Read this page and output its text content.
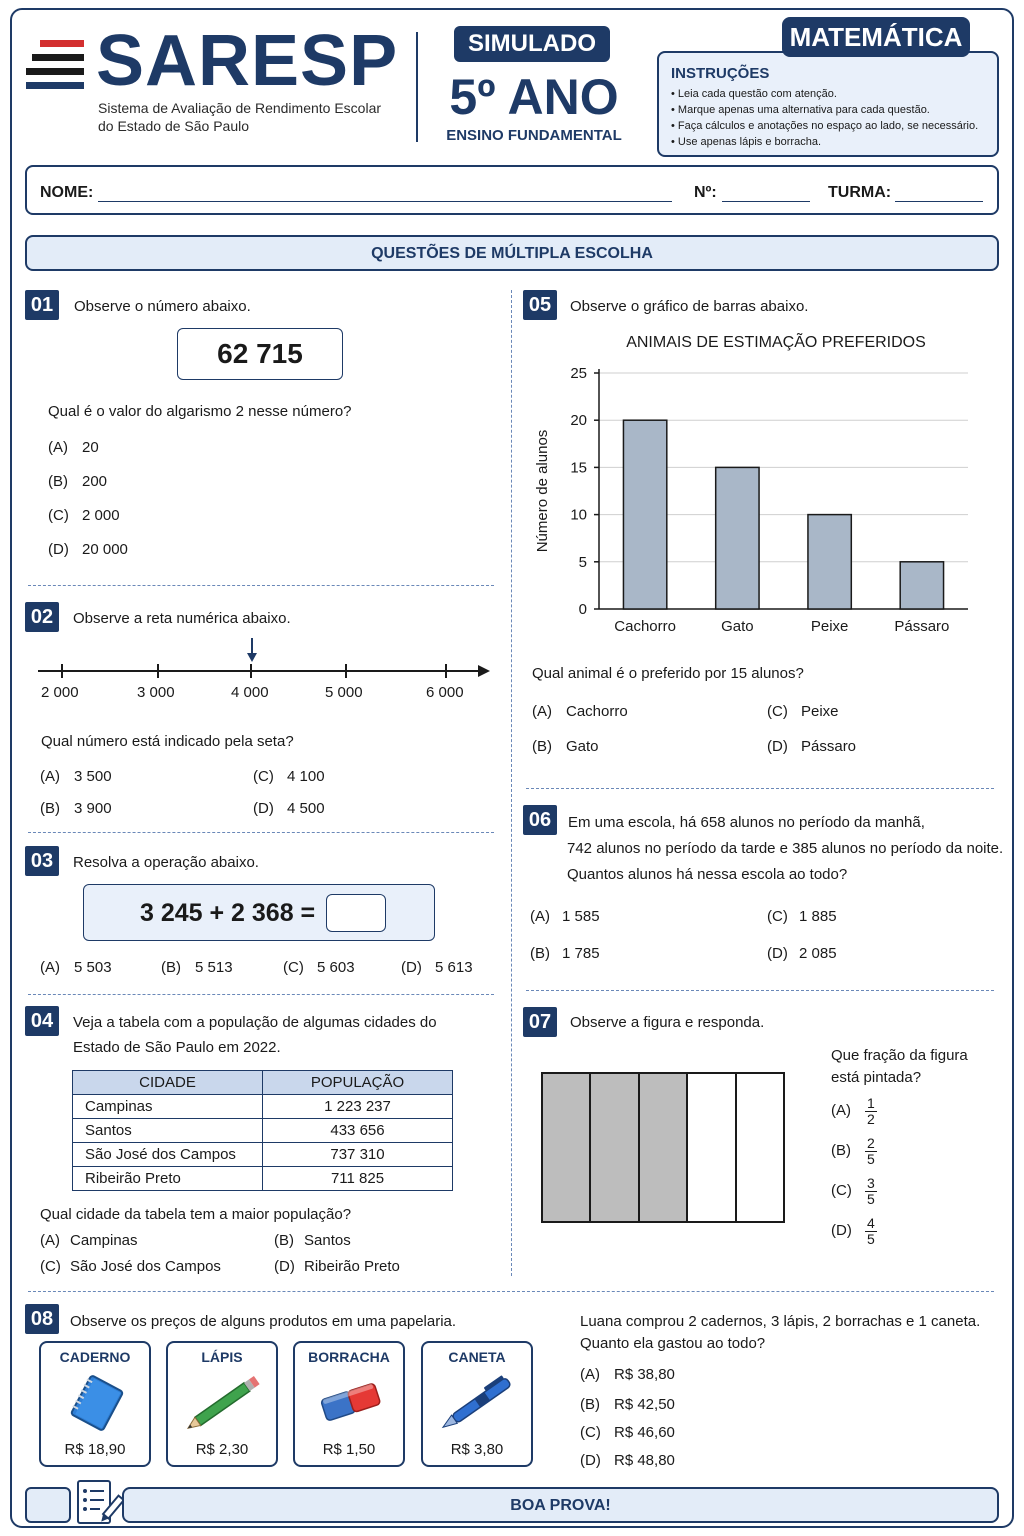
SARESP
Sistema de Avaliação de Rendimento Escolar
do Estado de São Paulo
SIMULADO
5º ANO
ENSINO FUNDAMENTAL
INSTRUÇÕES
• Leia cada questão com atenção.
• Marque apenas uma alternativa para cada questão.
• Faça cálculos e anotações no espaço ao lado, se necessário.
• Use apenas lápis e borracha.
MATEMÁTICA
NOME:	Nº:	TURMA:
QUESTÕES DE MÚLTIPLA ESCOLHA
01	Observe o número abaixo.
62 715
Qual é o valor do algarismo 2 nesse número?
(A) 20
(B) 200
(C) 2 000
(D) 20 000
02	Observe a reta numérica abaixo.
2 000	3 000	4 000	5 000	6 000
Qual número está indicado pela seta?
(A) 3 500
(B) 3 900
(C) 4 100
(D) 4 500
03	Resolva a operação abaixo.
3 245 + 2 368 =
(A) 5 503	(B) 5 513	(C) 5 603	(D) 5 613
04	Veja a tabela com a população de algumas cidades do
Estado de São Paulo em 2022.
CIDADE	POPULAÇÃO
Campinas	1 223 237
Santos	433 656
São José dos Campos	737 310
Ribeirão Preto	711 825
Qual cidade da tabela tem a maior população?
(A) Campinas	(B) Santos
(C) São José dos Campos	(D) Ribeirão Preto
05	Observe o gráfico de barras abaixo.
ANIMAIS DE ESTIMAÇÃO PREFERIDOS
0
5
10
15
20
25
Cachorro	Gato	Peixe	Pássaro
Número de alunos
Qual animal é o preferido por 15 alunos?
(A) Cachorro
(B) Gato
(C) Peixe
(D) Pássaro
06	Em uma escola, há 658 alunos no período da manhã,
742 alunos no período da tarde e 385 alunos no período da noite.
Quantos alunos há nessa escola ao todo?
(A) 1 585
(B) 1 785
(C) 1 885
(D) 2 085
07	Observe a figura e responda.
Que fração da figura
está pintada?
$(A) \frac{1}{2}$
$(B) \frac{2}{5}$
$(C) \frac{3}{5}$
$(D) \frac{4}{5}$
08	Observe os preços de alguns produtos em uma papelaria.
CADERNO
R$ 18,90
LÁPIS
R$ 2,30
BORRACHA
R$ 1,50
CANETA
R$ 3,80
Luana comprou 2 cadernos, 3 lápis, 2 borrachas e 1 caneta.
Quanto ela gastou ao todo?
(A) R$ 38,80
(B) R$ 42,50
(C) R$ 46,60
(D) R$ 48,80
BOA PROVA!
